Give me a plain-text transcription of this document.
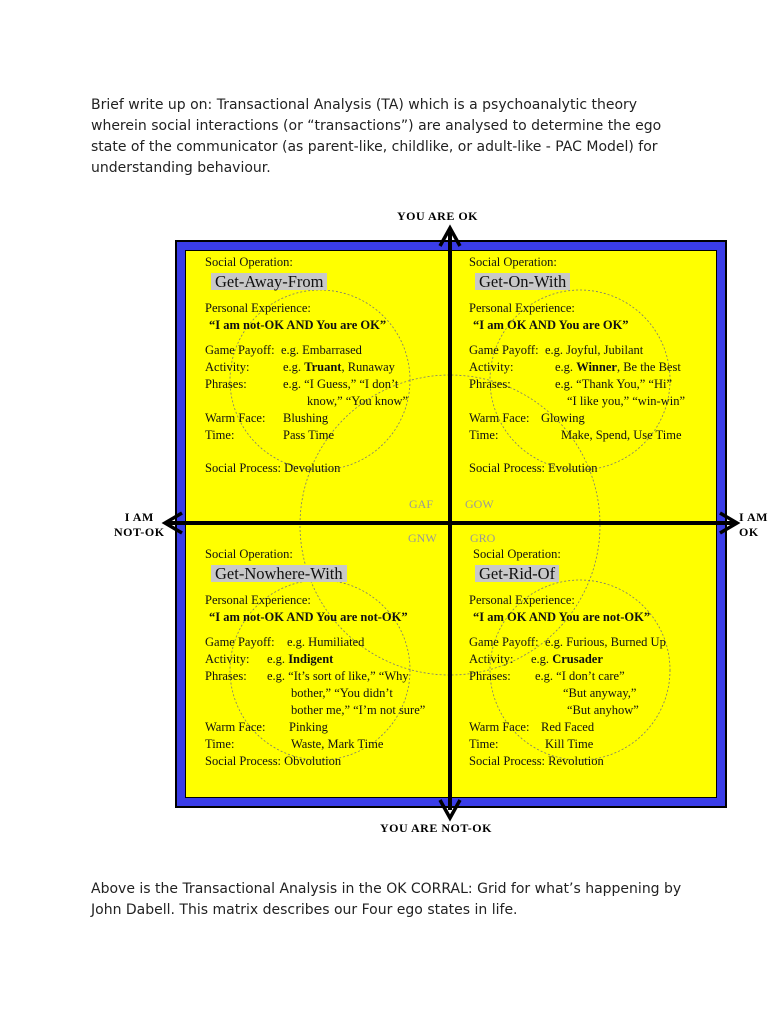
Brief write up on: Transactional Analysis (TA) which is a psychoanalytic theory wherein social interactions (or “transactions”) are analysed to determine the ego state of the communicator (as parent-like, childlike, or adult-like - PAC Model) for understanding behaviour.

YOU ARE OK
I AM
NOT-OK
I AM
OK
YOU ARE NOT-OK
GAF	GOW
GNW	GRO
Social Operation:
Get-Away-From
Personal Experience:
“I am not-OK AND You are OK”
Game Payoff: e.g. Embarrased
Activity:	e.g. Truant, Runaway
Phrases:	e.g. “I Guess,” “I don’t
know,” “You know”
Warm Face: Blushing
Time:	Pass Time
Social Process: Devolution
Social Operation:
Get-On-With
Personal Experience:
“I am OK AND You are OK”
Game Payoff: e.g. Joyful, Jubilant
Activity:	e.g. Winner, Be the Best
Phrases:	e.g. “Thank You,” “Hi”
“I like you,” “win-win”
Warm Face: Glowing
Time:	Make, Spend, Use Time
Social Process: Evolution
Social Operation:
Get-Nowhere-With
Personal Experience:
“I am not-OK AND You are not-OK”
Game Payoff: e.g. Humiliated
Activity: e.g. Indigent
Phrases: e.g. “It’s sort of like,” “Why
bother,” “You didn’t
bother me,” “I’m not sure”
Warm Face: Pinking
Time:	Waste, Mark Time
Social Process: Obvolution
Social Operation:
Get-Rid-Of
Personal Experience:
“I am OK AND You are not-OK”
Game Payoff: e.g. Furious, Burned Up
Activity: e.g. Crusader
Phrases: e.g. “I don’t care”
“But anyway,”
“But anyhow”
Warm Face: Red Faced
Time:	Kill Time
Social Process: Revolution

Above is the Transactional Analysis in the OK CORRAL: Grid for what’s happening by John Dabell. This matrix describes our Four ego states in life.
